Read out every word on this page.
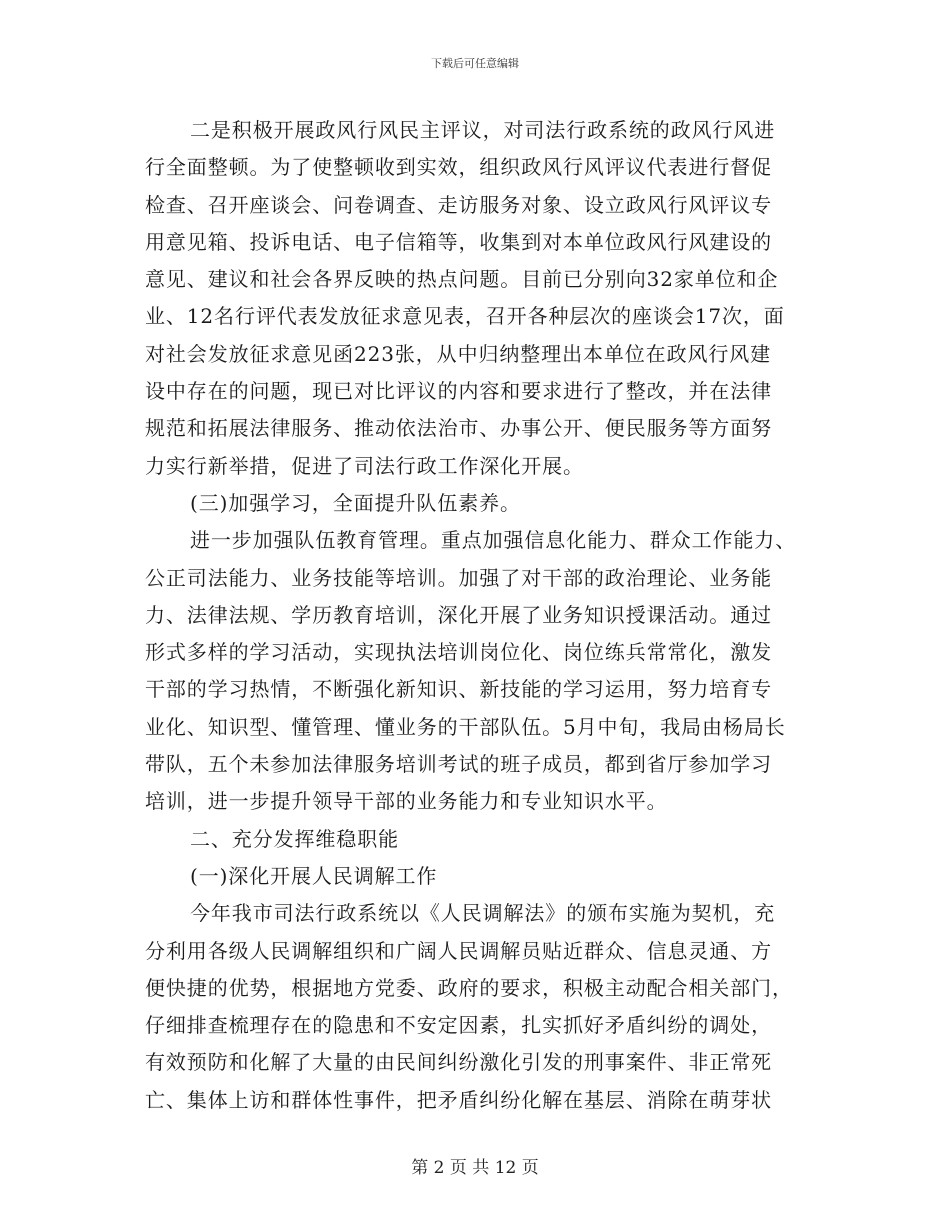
下载后可任意编辑
二是积极开展政风行风民主评议，对司法行政系统的政风行风进
行全面整顿。为了使整顿收到实效，组织政风行风评议代表进行督促
检查、召开座谈会、问卷调查、走访服务对象、设立政风行风评议专
用意见箱、投诉电话、电子信箱等，收集到对本单位政风行风建设的
意见、建议和社会各界反映的热点问题。目前已分别向32家单位和企
业、12名行评代表发放征求意见表，召开各种层次的座谈会17次，面
对社会发放征求意见函223张，从中归纳整理出本单位在政风行风建
设中存在的问题，现已对比评议的内容和要求进行了整改，并在法律
规范和拓展法律服务、推动依法治市、办事公开、便民服务等方面努
力实行新举措，促进了司法行政工作深化开展。
(三)加强学习，全面提升队伍素养。
进一步加强队伍教育管理。重点加强信息化能力、群众工作能力、
公正司法能力、业务技能等培训。加强了对干部的政治理论、业务能
力、法律法规、学历教育培训，深化开展了业务知识授课活动。通过
形式多样的学习活动，实现执法培训岗位化、岗位练兵常常化，激发
干部的学习热情，不断强化新知识、新技能的学习运用，努力培育专
业化、知识型、懂管理、懂业务的干部队伍。5月中旬，我局由杨局长
带队，五个未参加法律服务培训考试的班子成员，都到省厅参加学习
培训，进一步提升领导干部的业务能力和专业知识水平。
二、充分发挥维稳职能
(一)深化开展人民调解工作
今年我市司法行政系统以《人民调解法》的颁布实施为契机，充
分利用各级人民调解组织和广阔人民调解员贴近群众、信息灵通、方
便快捷的优势，根据地方党委、政府的要求，积极主动配合相关部门，
仔细排查梳理存在的隐患和不安定因素，扎实抓好矛盾纠纷的调处，
有效预防和化解了大量的由民间纠纷激化引发的刑事案件、非正常死
亡、集体上访和群体性事件，把矛盾纠纷化解在基层、消除在萌芽状
第 2 页 共 12 页
